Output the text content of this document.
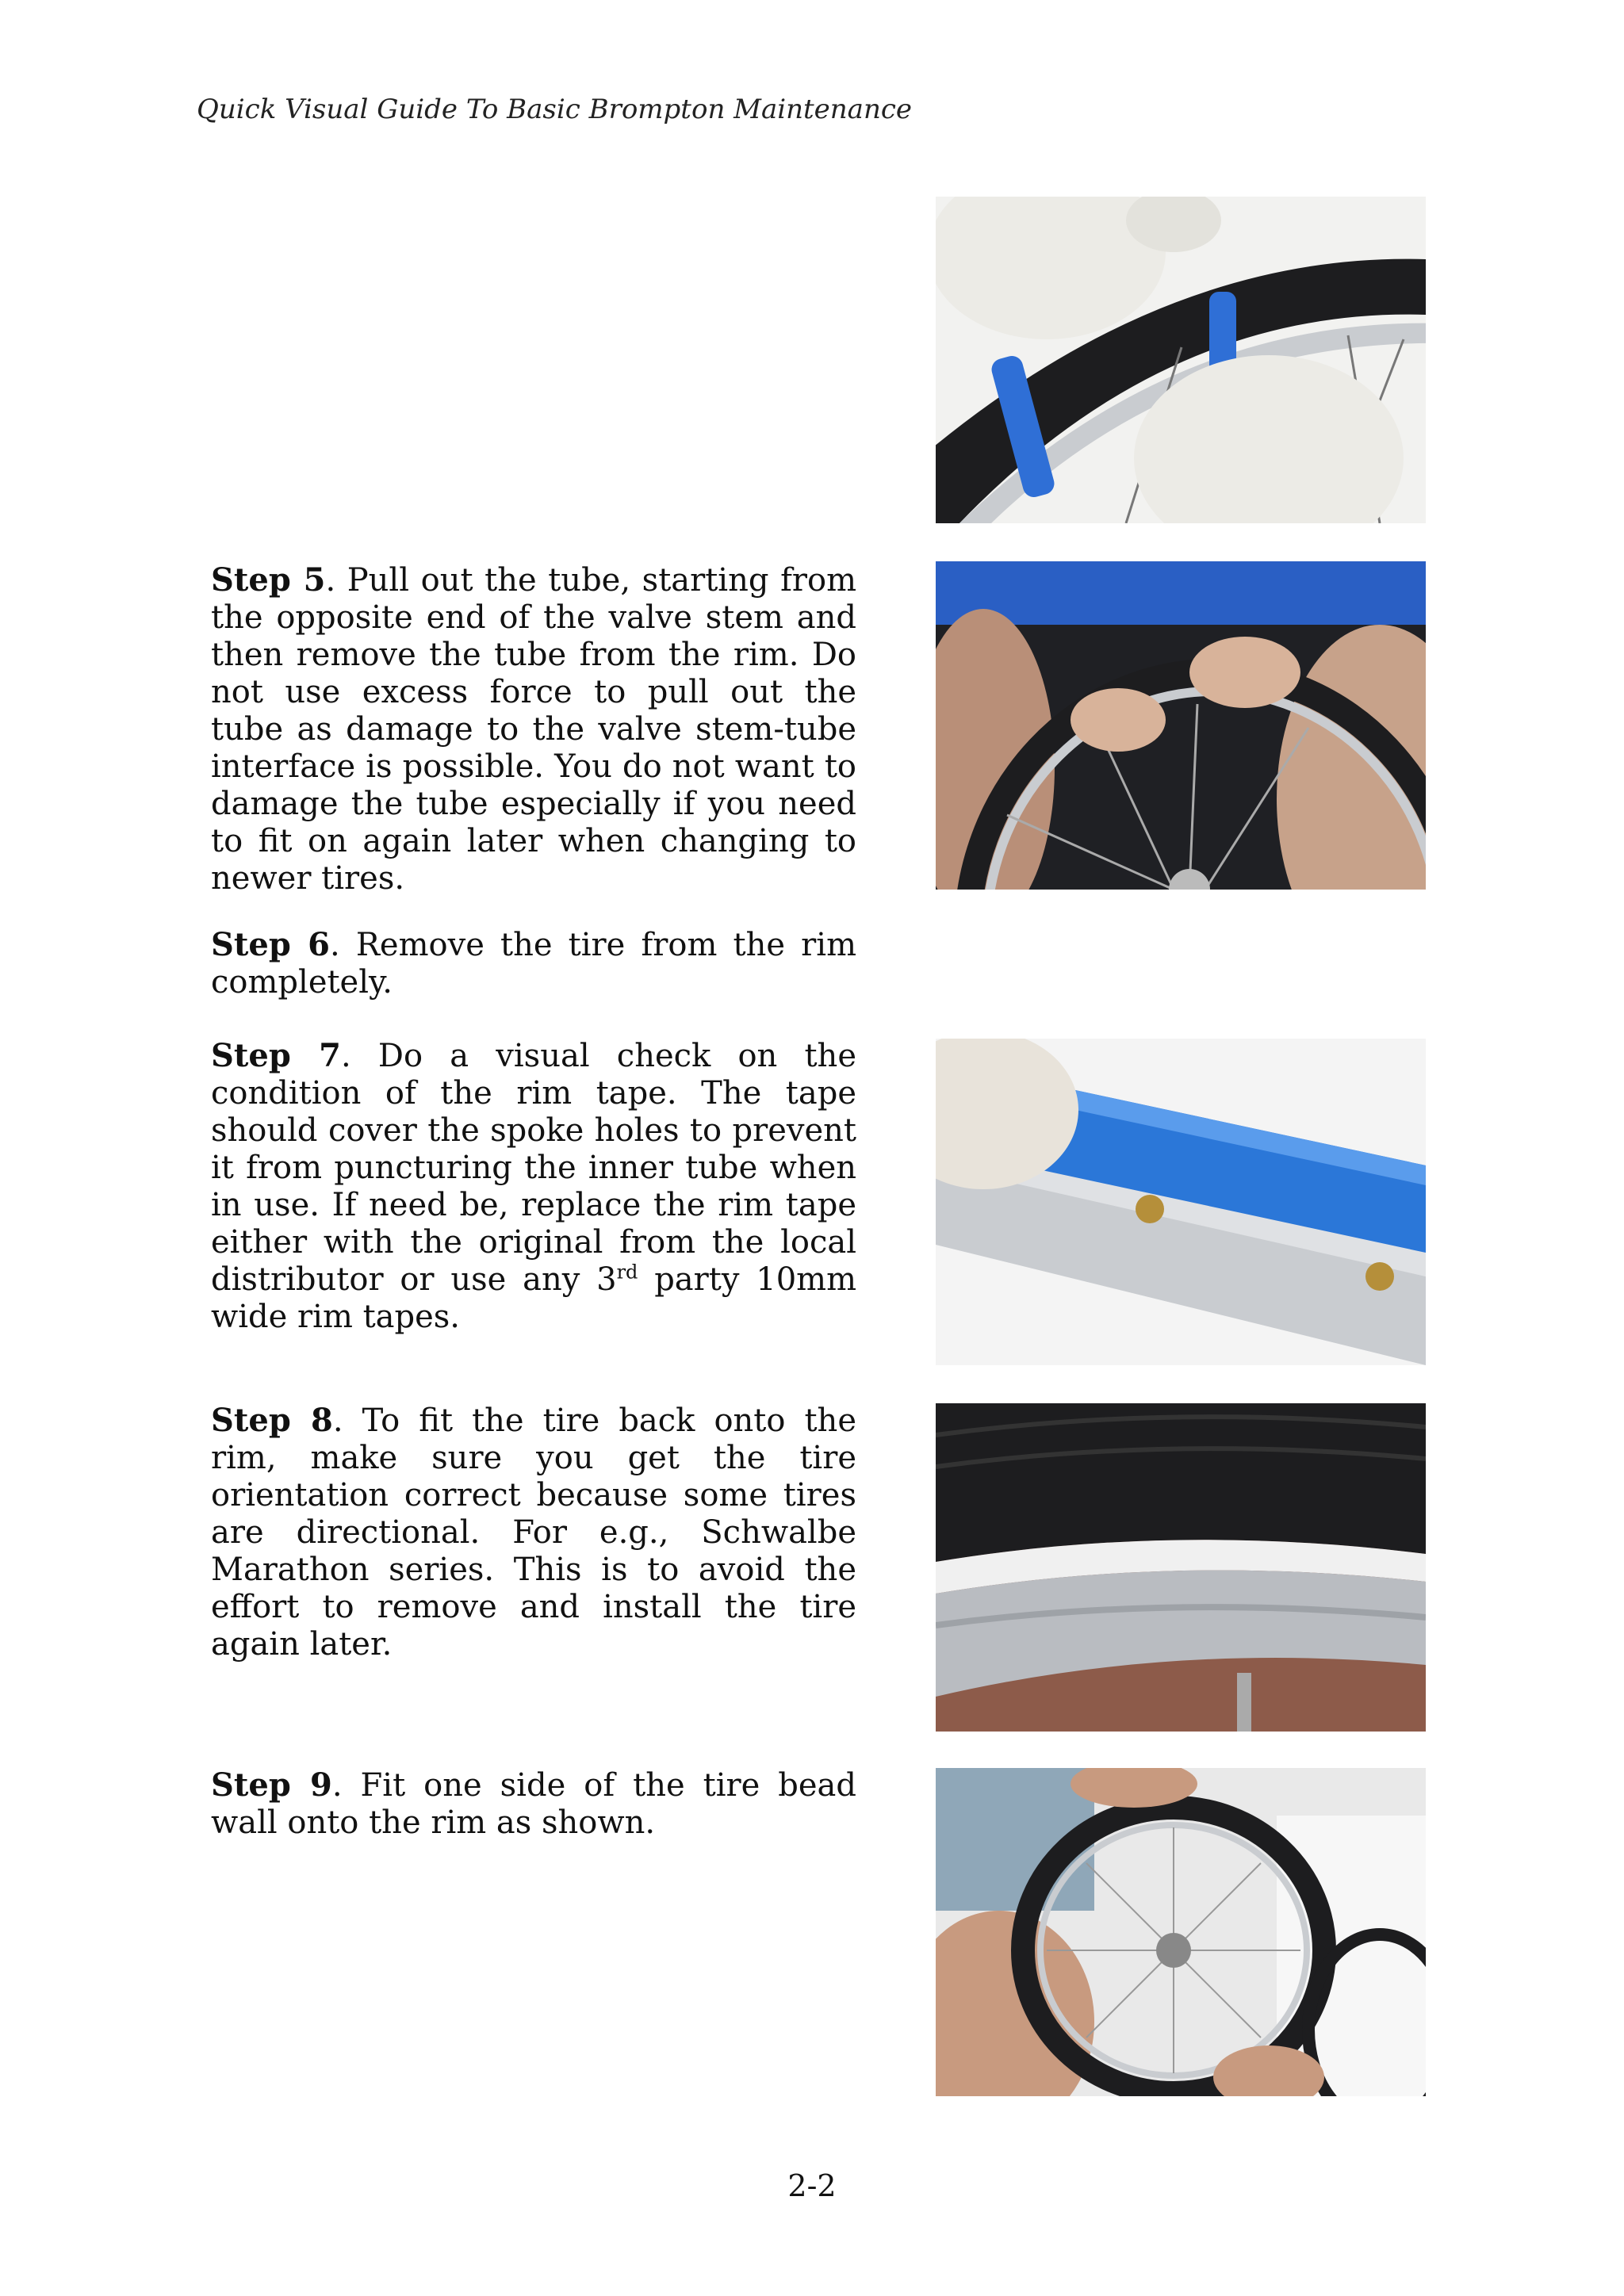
Quick Visual Guide To Basic Brompton Maintenance
Step 5. Pull out the tube, starting from the opposite end of the valve stem and then remove the tube from the rim. Do not use excess force to pull out the tube as damage to the valve stem-tube interface is possible. You do not want to damage the tube especially if you need to fit on again later when changing to newer tires.
Step 6. Remove the tire from the rim completely.
Step 7. Do a visual check on the condition of the rim tape. The tape should cover the spoke holes to prevent it from puncturing the inner tube when in use. If need be, replace the rim tape either with the original from the local distributor or use any 3rd party 10mm wide rim tapes.
Step 8. To fit the tire back onto the rim, make sure you get the tire orientation correct because some tires are directional. For e.g., Schwalbe Marathon series. This is to avoid the effort to remove and install the tire again later.
Step 9. Fit one side of the tire bead wall onto the rim as shown.
2-2
